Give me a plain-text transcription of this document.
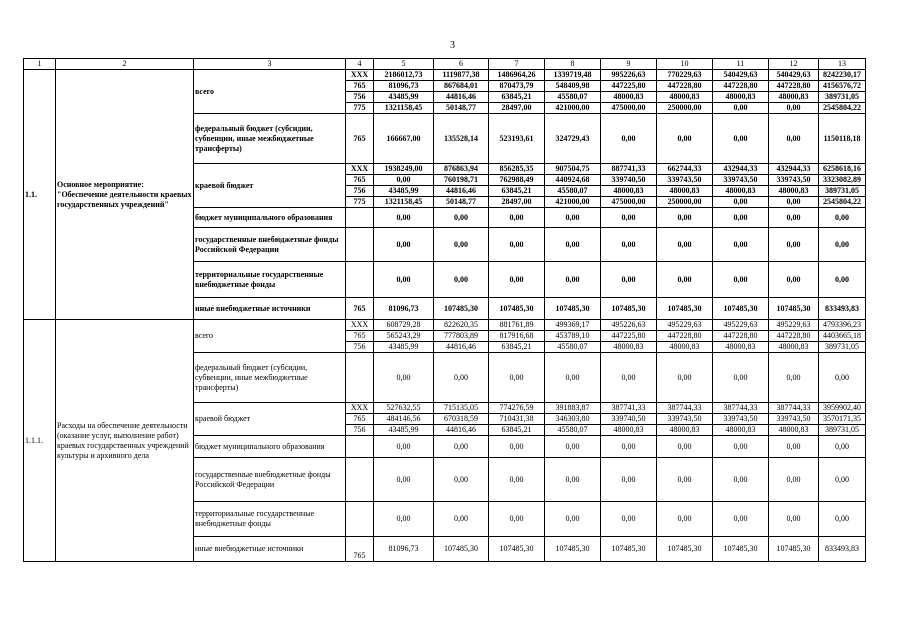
3
1	2	3	4	5	6	7	8	9	10	11	12	13
1.1.	Основное мероприятие: "Обеспечение деятельности краевых государственных учреждений"	всего	XXX	2186012,73	1119877,38	1486964,26	1339719,48	995226,63	770229,63	540429,63	540429,63	8242230,17
			765	81096,73	867684,01	870473,79	548409,98	447225,80	447228,80	447228,80	447228,80	4156576,72
			756	43485,99	44816,46	63845,21	45580,07	48000,83	48000,83	48000,83	48000,83	389731,05
			775	1321158,45	50148,77	28497,00	421000,00	475000,00	250000,00	0,00	0,00	2545804,22
		федеральный бюджет (субсидии, субвенции, иные межбюджетные трансферты)	765	166667,00	135528,14	523193,61	324729,43	0,00	0,00	0,00	0,00	1150118,18
		краевой бюджет	XXX	1938249,00	876863,94	856285,35	907504,75	887741,33	662744,33	432944,33	432944,33	6258618,16
			765	0,00	760198,71	762988,49	440924,68	339740,50	339743,50	339743,50	339743,50	3323082,89
			756	43485,99	44816,46	63845,21	45580,07	48000,83	48000,83	48000,83	48000,83	389731,05
			775	1321158,45	50148,77	28497,00	421000,00	475000,00	250000,00	0,00	0,00	2545804,22
		бюджет муниципального образования		0,00	0,00	0,00	0,00	0,00	0,00	0,00	0,00	0,00
		государственные внебюджетные фонды Российской Федерации		0,00	0,00	0,00	0,00	0,00	0,00	0,00	0,00	0,00
		территориальные государственные внебюджетные фонды		0,00	0,00	0,00	0,00	0,00	0,00	0,00	0,00	0,00
		иные внебюджетные источники	765	81096,73	107485,30	107485,30	107485,30	107485,30	107485,30	107485,30	107485,30	833493,83
1.1.1.	Расходы на обеспечение деятельности (оказание услуг, выполнение работ) краевых государственных учреждений культуры и архивного дела	всего	XXX	608729,28	822620,35	881761,89	499369,17	495226,63	495229,63	495229,63	495229,63	4793396,23
			765	565243,29	777803,89	817916,68	453789,10	447225,80	447228,80	447228,80	447228,80	4403665,18
			756	43485,99	44816,46	63845,21	45580,07	48000,83	48000,83	48000,83	48000,83	389731,05
		федеральный бюджет (субсидии, субвенции, иные межбюджетные трансферты)		0,00	0,00	0,00	0,00	0,00	0,00	0,00	0,00	0,00
		краевой бюджет	XXX	527632,55	715135,05	774276,59	391883,87	387741,33	387744,33	387744,33	387744,33	3959902,40
			765	484146,56	670318,59	710431,38	346303,80	339740,50	339743,50	339743,50	339743,50	3570171,35
			756	43485,99	44816,46	63845,21	45580,07	48000,83	48000,83	48000,83	48000,83	389731,05
		бюджет муниципального образования		0,00	0,00	0,00	0,00	0,00	0,00	0,00	0,00	0,00
		государственные внебюджетные фонды Российской Федерации		0,00	0,00	0,00	0,00	0,00	0,00	0,00	0,00	0,00
		территориальные государственные внебюджетные фонды		0,00	0,00	0,00	0,00	0,00	0,00	0,00	0,00	0,00
		иные внебюджетные источники	765	81096,73	107485,30	107485,30	107485,30	107485,30	107485,30	107485,30	107485,30	833493,83
